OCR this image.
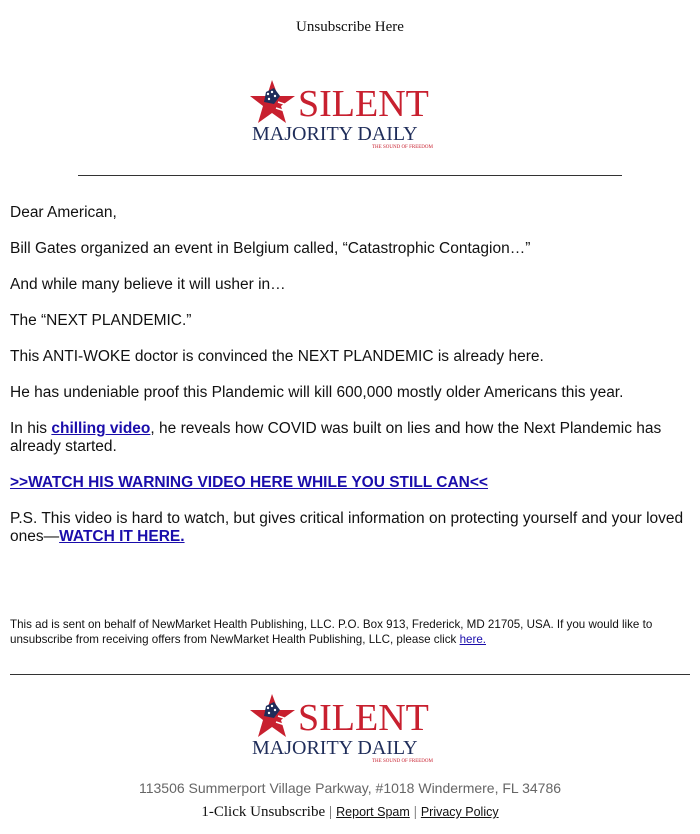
Unsubscribe Here
SILENT
MAJORITY DAILY
THE SOUND OF FREEDOM

Dear American,

Bill Gates organized an event in Belgium called, “Catastrophic Contagion…”

And while many believe it will usher in…

The “NEXT PLANDEMIC.”

This ANTI-WOKE doctor is convinced the NEXT PLANDEMIC is already here.

He has undeniable proof this Plandemic will kill 600,000 mostly older Americans this year.

In his chilling video, he reveals how COVID was built on lies and how the Next Plandemic has already started.

>>WATCH HIS WARNING VIDEO HERE WHILE YOU STILL CAN<<

P.S. This video is hard to watch, but gives critical information on protecting yourself and your loved ones—WATCH IT HERE.

This ad is sent on behalf of NewMarket Health Publishing, LLC. P.O. Box 913, Frederick, MD 21705, USA. If you would like to unsubscribe from receiving offers from NewMarket Health Publishing, LLC, please click here.
SILENT
MAJORITY DAILY
THE SOUND OF FREEDOM
113506 Summerport Village Parkway, #1018 Windermere, FL 34786
1-Click Unsubscribe | Report Spam | Privacy Policy
